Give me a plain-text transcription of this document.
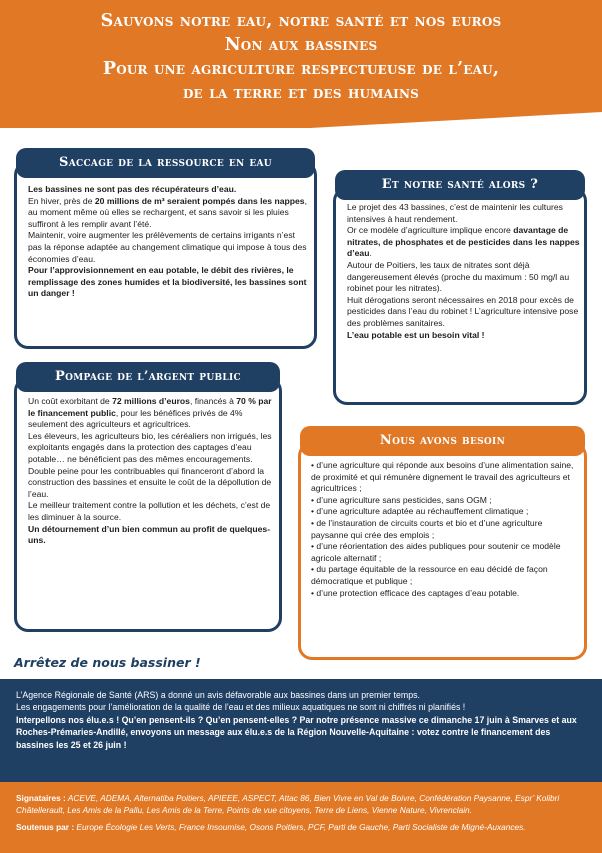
Sauvons notre eau, notre santé et nos euros
Non aux bassines
Pour une agriculture respectueuse de l’eau,
de la terre et des humains
Saccage de la ressource en eau

Les bassines ne sont pas des récupérateurs d’eau.

En hiver, près de 20 millions de m³ seraient pompés dans les nappes, au moment même où elles se rechargent, et sans savoir si les pluies suffiront à les remplir avant l’été.

Maintenir, voire augmenter les prélèvements de certains irrigants n’est pas la réponse adaptée au changement climatique qui impose à tous des économies d’eau.

Pour l’approvisionnement en eau potable, le débit des rivières, le remplissage des zones humides et la biodiversité, les bassines sont un danger !

Et notre santé alors ?

Le projet des 43 bassines, c’est de maintenir les cultures intensives à haut rendement.

Or ce modèle d’agriculture implique encore davantage de nitrates, de phosphates et de pesticides dans les nappes d’eau.

Autour de Poitiers, les taux de nitrates sont déjà dangereusement élevés (proche du maximum : 50 mg/l au robinet pour les nitrates).

Huit dérogations seront nécessaires en 2018 pour excès de pesticides dans l’eau du robinet ! L’agriculture intensive pose des problèmes sanitaires.

L’eau potable est un besoin vital !

Pompage de l’argent public

Un coût exorbitant de 72 millions d’euros, financés à 70 % par le financement public, pour les bénéfices privés de 4% seulement des agriculteurs et agricultrices.

Les éleveurs, les agriculteurs bio, les céréaliers non irrigués, les exploitants engagés dans la protection des captages d’eau potable… ne bénéficient pas des mêmes encouragements.

Double peine pour les contribuables qui financeront d’abord la construction des bassines et ensuite le coût de la dépollution de l’eau.

Le meilleur traitement contre la pollution et les déchets, c’est de les diminuer à la source.

Un détournement d’un bien commun au profit de quelques-uns.

Nous avons besoin
• d’une agriculture qui réponde aux besoins d’une alimentation saine, de proximité et qui rémunère dignement le travail des agriculteurs et agricultrices ;
• d’une agriculture sans pesticides, sans OGM ;
• d’une agriculture adaptée au réchauffement climatique ;
• de l’instauration de circuits courts et bio et d’une agriculture paysanne qui crée des emplois ;
• d’une réorientation des aides publiques pour soutenir ce modèle agricole alternatif ;
• du partage équitable de la ressource en eau décidé de façon démocratique et publique ;
• d’une protection efficace des captages d’eau potable.
Arrêtez de nous bassiner !

L’Agence Régionale de Santé (ARS) a donné un avis défavorable aux bassines dans un premier temps.

Les engagements pour l’amélioration de la qualité de l’eau et des milieux aquatiques ne sont ni chiffrés ni planifiés !

Interpellons nos élu.e.s ! Qu’en pensent-ils ? Qu’en pensent-elles ? Par notre présence massive ce dimanche 17 juin à Smarves et aux Roches-Prémaries-Andillé, envoyons un message aux élu.e.s de la Région Nouvelle-Aquitaine : votez contre le financement des bassines les 25 et 26 juin !

Signataires : ACEVE, ADEMA, Alternatiba Poitiers, APIEEE, ASPECT, Attac 86, Bien Vivre en Val de Boivre, Confédération Paysanne, Espr’ Kolibri Châtellerault, Les Amis de la Pallu, Les Amis de la Terre, Points de vue citoyens, Terre de Liens, Vienne Nature, Vivrenclain.

Soutenus par : Europe Écologie Les Verts, France Insoumise, Osons Poitiers, PCF, Parti de Gauche, Parti Socialiste de Migné-Auxances.
